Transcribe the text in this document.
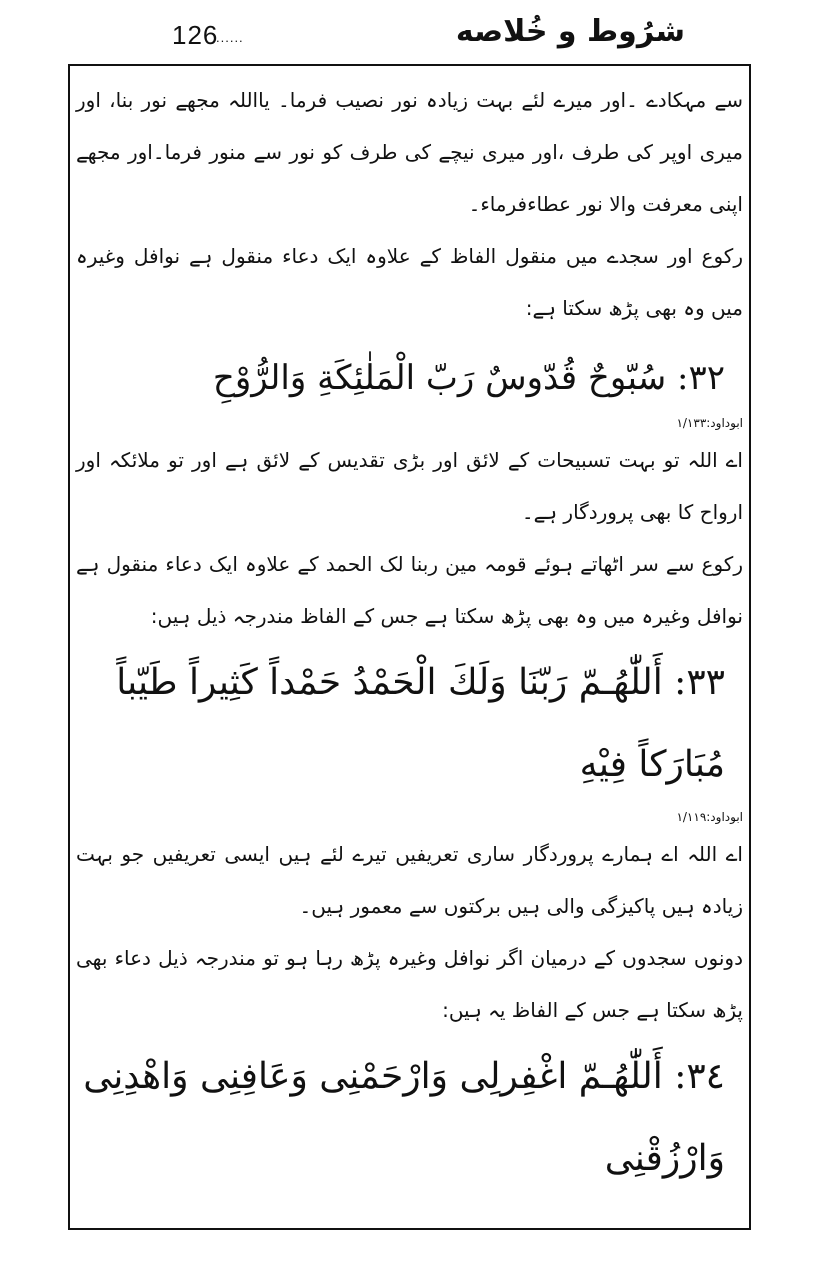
126
......	شرُوط و خُلاصه

سے مہکادے ۔اور میرے لئے بہت زیادہ نور نصیب فرما۔ یااللہ مجھے نور بنا، اور میری اوپر کی طرف ،اور میری نیچے کی طرف کو نور سے منور فرما۔اور مجھے اپنی معرفت والا نور عطاءفرماء۔

رکوع اور سجدے میں منقول الفاظ کے علاوہ ایک دعاء منقول ہے نوافل وغیرہ میں وہ بھی پڑھ سکتا ہے:

٣٢: سُبّوحٌ قُدّوسٌ رَبّ الْمَلٰئِكَةِ وَالرُّوْحِ

ابوداود:١/١٣٣

اے اللہ تو بہت تسبیحات کے لائق اور بڑی تقدیس کے لائق ہے اور تو ملائکہ اور ارواح کا بھی پروردگار ہے۔

رکوع سے سر اٹھاتے ہوئے قومہ مین ربنا لک الحمد کے علاوہ ایک دعاء منقول ہے نوافل وغیرہ میں وہ بھی پڑھ سکتا ہے جس کے الفاظ مندرجہ ذیل ہیں:

٣٣: أَللّٰهُـمّ رَبّنَا وَلَكَ الْحَمْدُ حَمْداً كَثِيراً طَيّباً مُبَارَكاً فِيْهِ

ابوداود:١/١١٩

اے اللہ اے ہمارے پروردگار ساری تعریفیں تیرے لئے ہیں ایسی تعریفیں جو بہت زیادہ ہیں پاکیزگی والی ہیں برکتوں سے معمور ہیں۔

دونوں سجدوں کے درمیان اگر نوافل وغیرہ پڑھ رہا ہو تو مندرجہ ذیل دعاء بھی پڑھ سکتا ہے جس کے الفاظ یہ ہیں:

٣٤: أَللّٰهُـمّ اغْفِرلِی وَارْحَمْنِی وَعَافِنِی وَاهْدِنِی وَارْزُقْنِی
